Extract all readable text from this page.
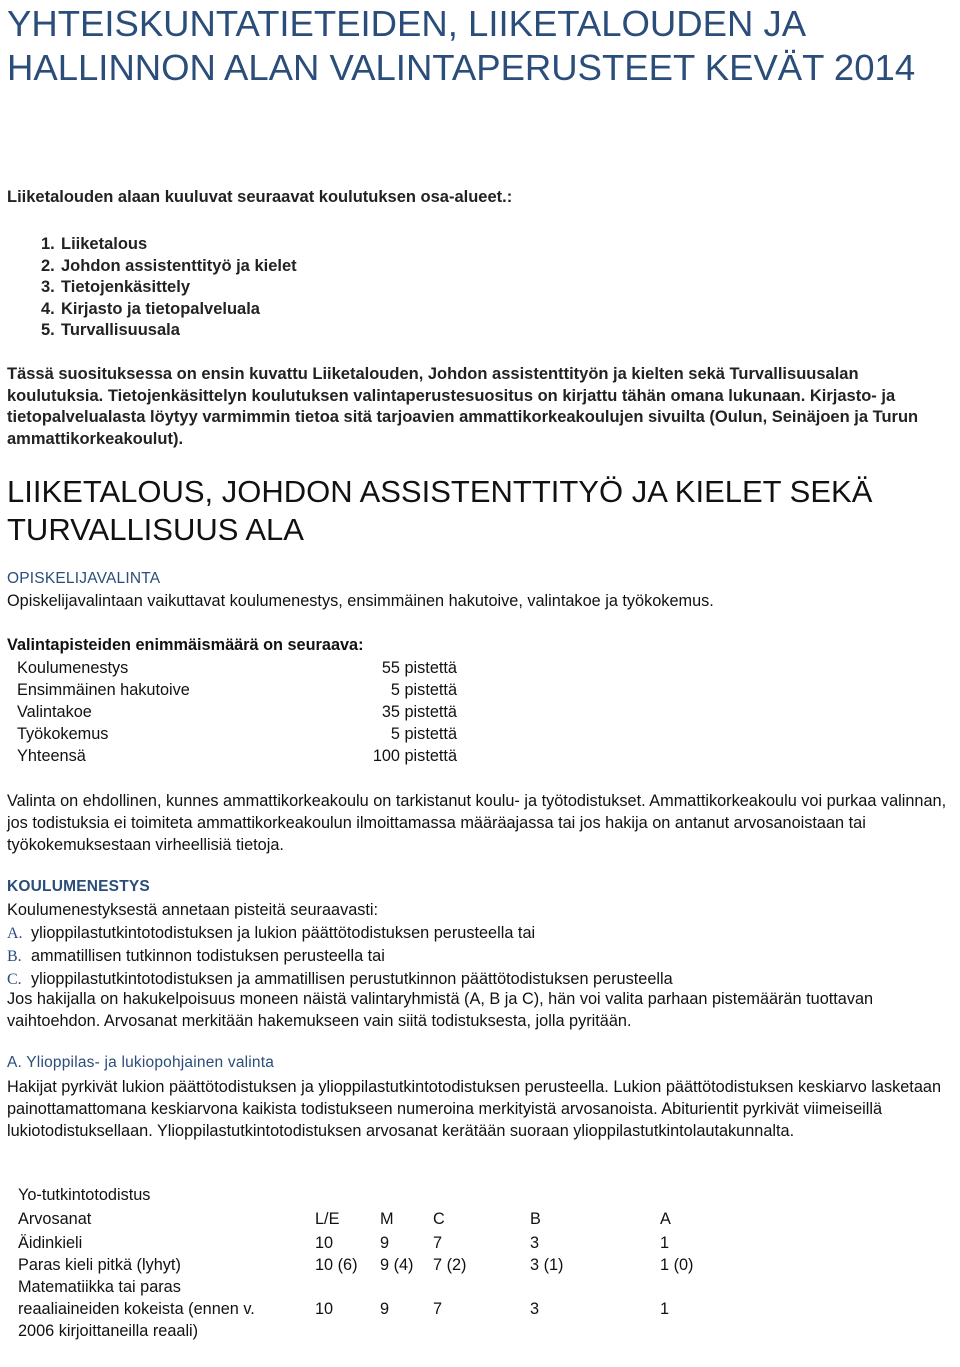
YHTEISKUNTATIETEIDEN, LIIKETALOUDEN JA HALLINNON ALAN VALINTAPERUSTEET KEVÄT 2014
Liiketalouden alaan kuuluvat seuraavat koulutuksen osa-alueet.:
1. Liiketalous
2. Johdon assistenttityö ja kielet
3. Tietojenkäsittely
4. Kirjasto ja tietopalveluala
5. Turvallisuusala
Tässä suosituksessa on ensin kuvattu Liiketalouden, Johdon assistenttityön ja kielten sekä Turvallisuusalan koulutuksia. Tietojenkäsittelyn koulutuksen valintaperustesuositus on kirjattu tähän omana lukunaan. Kirjasto- ja tietopalvelualasta löytyy varmimmin tietoa sitä tarjoavien ammattikorkeakoulujen sivuilta (Oulun, Seinäjoen ja Turun ammattikorkeakoulut).
LIIKETALOUS, JOHDON ASSISTENTTITYÖ JA KIELET SEKÄ TURVALLISUUS ALA
OPISKELIJAVALINTA
Opiskelijavalintaan vaikuttavat koulumenestys, ensimmäinen hakutoive, valintakoe ja työkokemus.
Valintapisteiden enimmäismäärä on seuraava:
Koulumenestys	55 pistettä
Ensimmäinen hakutoive	5 pistettä
Valintakoe	35 pistettä
Työkokemus	5 pistettä
Yhteensä	100 pistettä
Valinta on ehdollinen, kunnes ammattikorkeakoulu on tarkistanut koulu- ja työtodistukset. Ammattikorkeakoulu voi purkaa valinnan, jos todistuksia ei toimiteta ammattikorkeakoulun ilmoittamassa määräajassa tai jos hakija on antanut arvosanoistaan tai työkokemuksestaan virheellisiä tietoja.
KOULUMENESTYS
Koulumenestyksestä annetaan pisteitä seuraavasti:
A. ylioppilastutkintotodistuksen ja lukion päättötodistuksen perusteella tai
B. ammatillisen tutkinnon todistuksen perusteella tai
C. ylioppilastutkintotodistuksen ja ammatillisen perustutkinnon päättötodistuksen perusteella
Jos hakijalla on hakukelpoisuus moneen näistä valintaryhmistä (A, B ja C), hän voi valita parhaan pistemäärän tuottavan vaihtoehdon. Arvosanat merkitään hakemukseen vain siitä todistuksesta, jolla pyritään.
A. Ylioppilas- ja lukiopohjainen valinta
Hakijat pyrkivät lukion päättötodistuksen ja ylioppilastutkintotodistuksen perusteella. Lukion päättötodistuksen keskiarvo lasketaan painottamattomana keskiarvona kaikista todistukseen numeroina merkityistä arvosanoista. Abiturientit pyrkivät viimeiseillä lukiotodistuksellaan. Ylioppilastutkintotodistuksen arvosanat kerätään suoraan ylioppilastutkintolautakunnalta.
Yo-tutkintotodistus
Arvosanat	L/E	M	C	B	A
Äidinkieli	10	9	7	3	1
Paras kieli pitkä (lyhyt)	10 (6)	9 (4)	7 (2)	3 (1)	1 (0)
Matematiikka tai paras reaaliaineiden kokeista (ennen v. 2006 kirjoittaneilla reaali)	10	9	7	3	1
